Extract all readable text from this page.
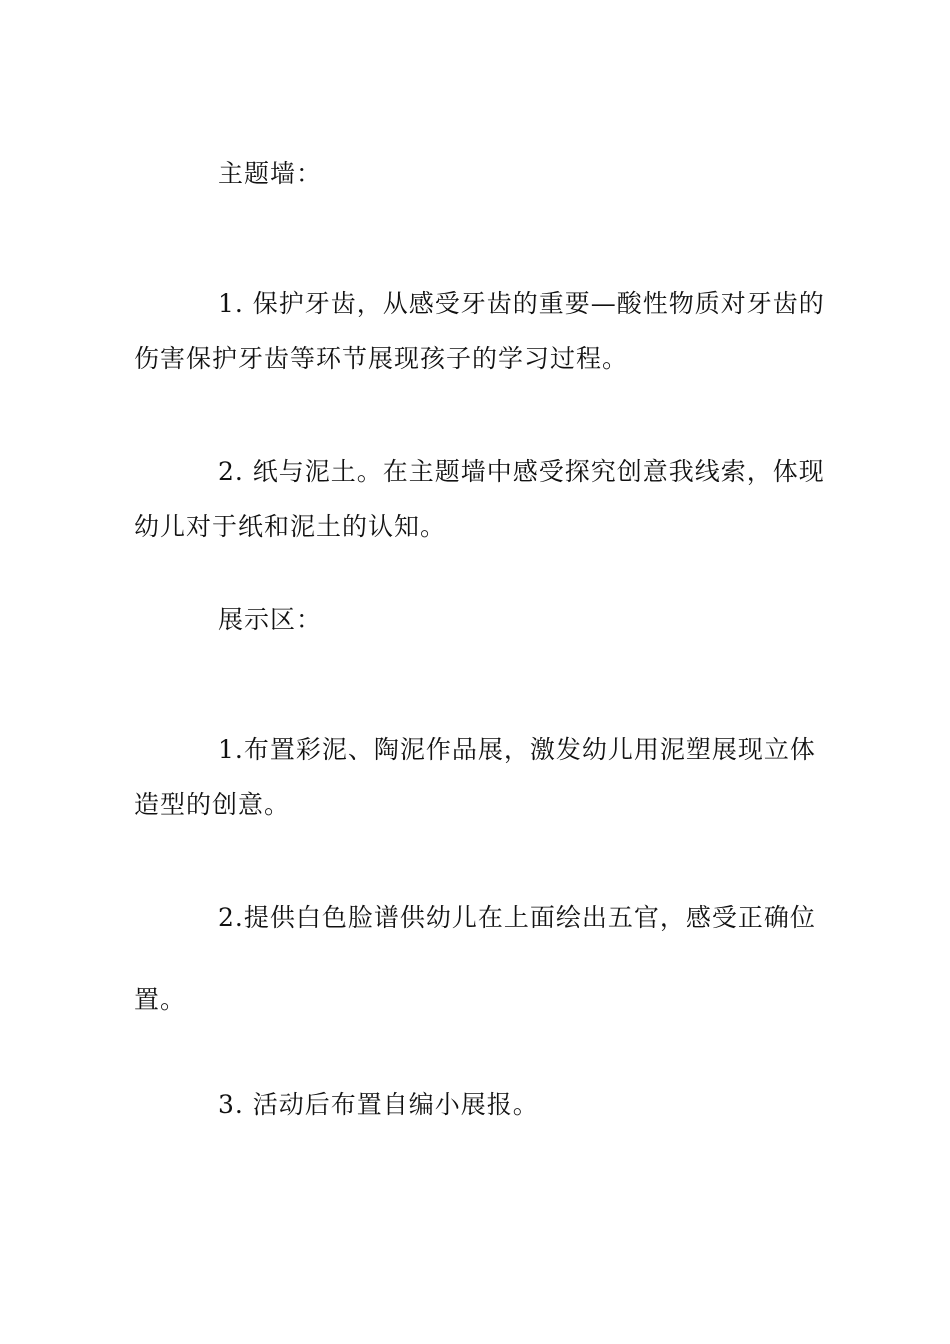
主题墙：
1. 保护牙齿，从感受牙齿的重要—酸性物质对牙齿的
伤害保护牙齿等环节展现孩子的学习过程。
2. 纸与泥土。在主题墙中感受探究创意我线索，体现
幼儿对于纸和泥土的认知。
展示区：
1.布置彩泥、陶泥作品展，激发幼儿用泥塑展现立体
造型的创意。
2.提供白色脸谱供幼儿在上面绘出五官，感受正确位
置。
3. 活动后布置自编小展报。
